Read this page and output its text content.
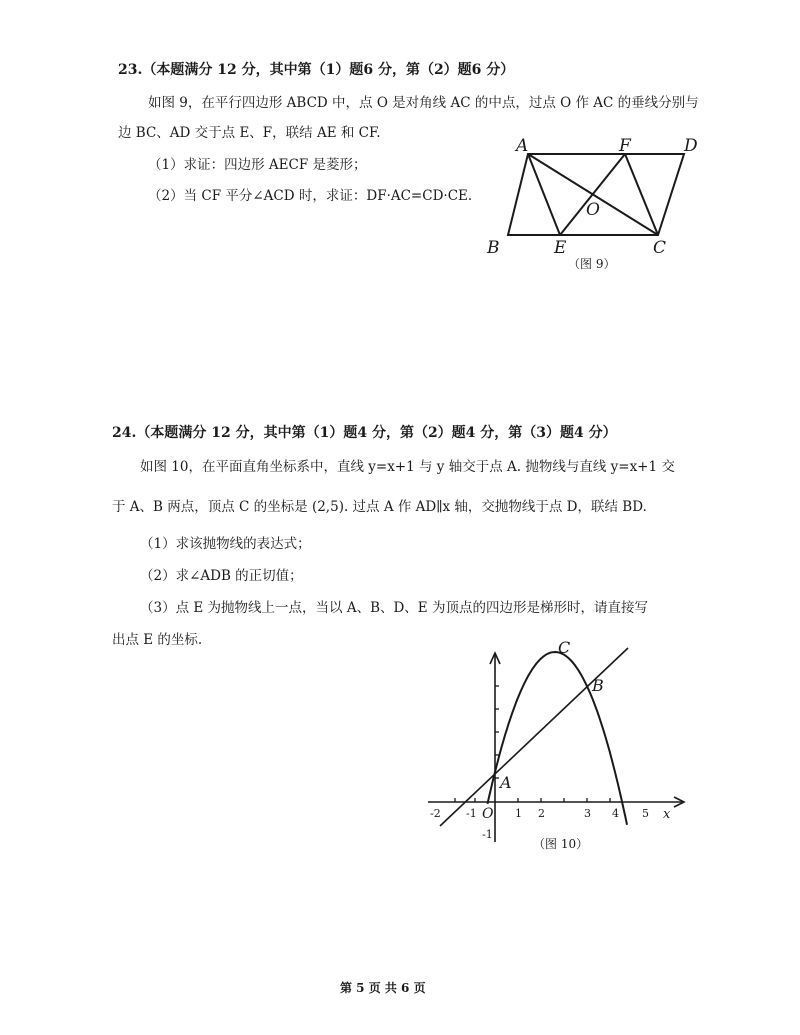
23.（本题满分 12 分，其中第（1）题6 分，第（2）题6 分）
如图 9，在平行四边形 ABCD 中，点 O 是对角线 AC 的中点，过点 O 作 AC 的垂线分别与
边 BC、AD 交于点 E、F，联结 AE 和 CF.
（1）求证：四边形 AECF 是菱形；
（2）当 CF 平分∠ACD 时，求证：DF·AC=CD·CE.
A	F	D
O
B	E	C
（图 9）
24.（本题满分 12 分，其中第（1）题4 分，第（2）题4 分，第（3）题4 分）
如图 10，在平面直角坐标系中，直线 y=x+1 与 y 轴交于点 A. 抛物线与直线 y=x+1 交
于 A、B 两点，顶点 C 的坐标是 (2,5). 过点 A 作 AD∥x 轴，交抛物线于点 D，联结 BD.
（1）求该抛物线的表达式；
（2）求∠ADB 的正切值；
（3）点 E 为抛物线上一点，当以 A、B、D、E 为顶点的四边形是梯形时，请直接写
出点 E 的坐标.	C
B
A
O	x
-2 -1	1 2	3 4 5
-1
（图 10）
第 5 页 共 6 页
